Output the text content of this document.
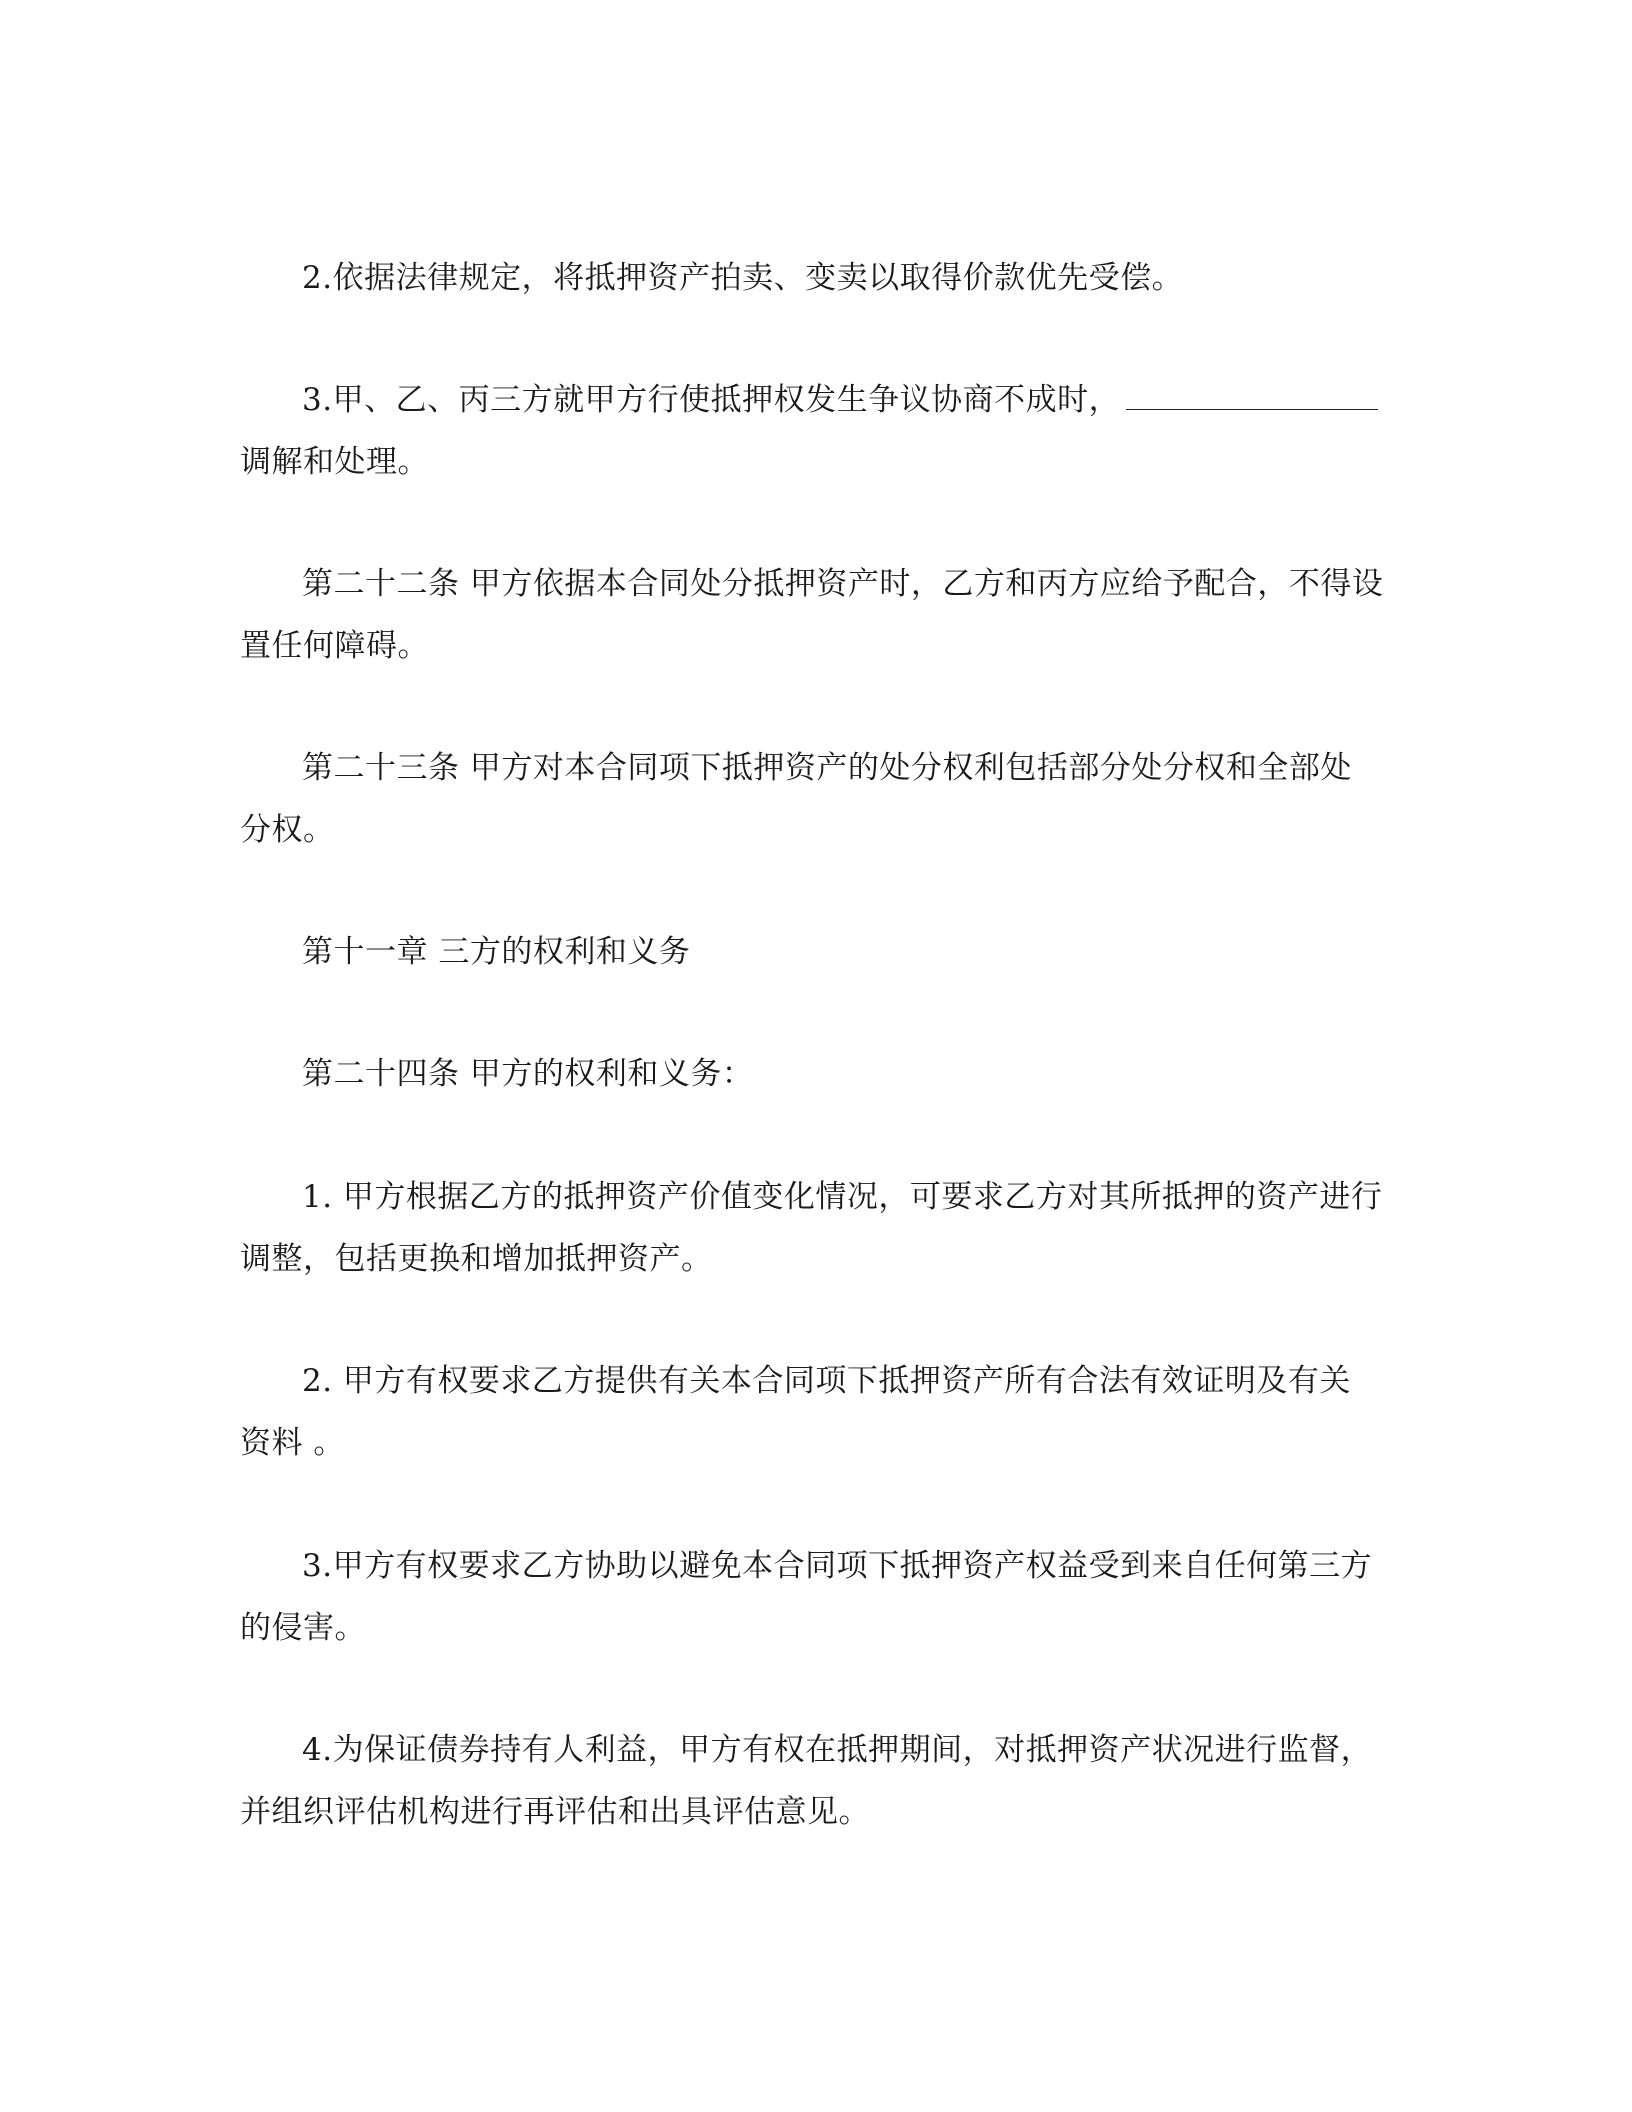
2.依据法律规定，将抵押资产拍卖、变卖以取得价款优先受偿。

3.甲、乙、丙三方就甲方行使抵押权发生争议协商不成时，
调解和处理。

第二十二条 甲方依据本合同处分抵押资产时，乙方和丙方应给予配合，不得设
置任何障碍。

第二十三条 甲方对本合同项下抵押资产的处分权利包括部分处分权和全部处
分权。

第十一章 三方的权利和义务

第二十四条 甲方的权利和义务：

1. 甲方根据乙方的抵押资产价值变化情况，可要求乙方对其所抵押的资产进行
调整，包括更换和增加抵押资产。

2. 甲方有权要求乙方提供有关本合同项下抵押资产所有合法有效证明及有关
资料 。

3.甲方有权要求乙方协助以避免本合同项下抵押资产权益受到来自任何第三方
的侵害。

4.为保证债券持有人利益，甲方有权在抵押期间，对抵押资产状况进行监督，
并组织评估机构进行再评估和出具评估意见。
